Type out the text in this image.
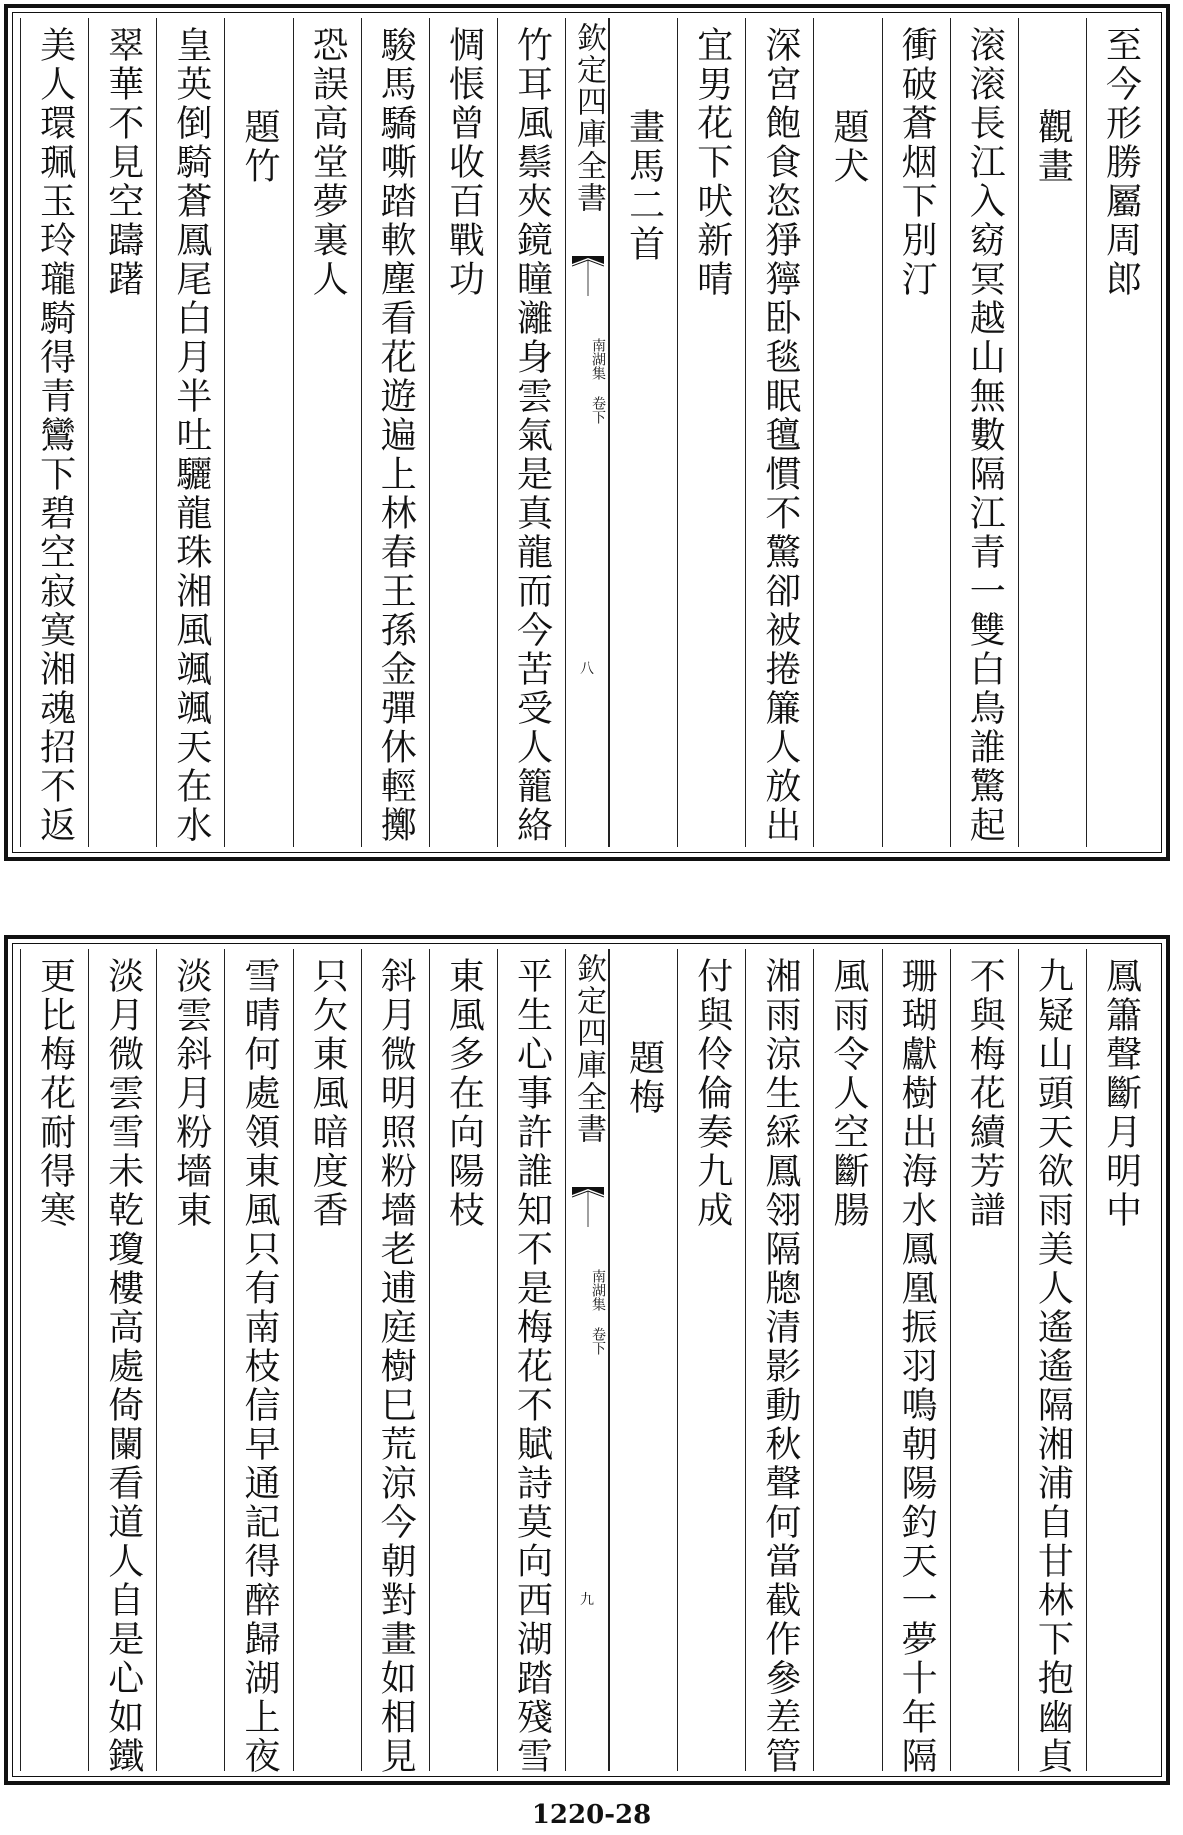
至今形勝屬周郎
觀畫
滚滚長江入窈冥越山無數隔江青一雙白鳥誰驚起
衝破蒼烟下別汀
題犬
深宮飽食恣猙獰卧毯眠氊慣不驚卻被捲簾人放出
宜男花下吠新晴
畫馬二首
竹耳風鬃夾鏡瞳灕身雲氣是真龍而今苦受人籠絡
惆悵曾收百戰功
駿馬驕嘶踏軟塵看花遊遍上林春王孫金彈休輕擲
恐誤高堂夢裏人
題竹
皇英倒騎蒼鳳尾白月半吐驪龍珠湘風颯颯天在水
翠華不見空躊躇
美人環珮玉玲瓏騎得青鸞下碧空寂寞湘魂招不返	欽定四庫全書
南湖集 卷下
八
鳳簫聲斷月明中
九疑山頭天欲雨美人遙遙隔湘浦自甘林下抱幽貞
不與梅花續芳譜
珊瑚獻樹出海水鳳凰振羽鳴朝陽釣天一夢十年隔
風雨令人空斷腸
湘雨涼生綵鳳翎隔牕清影動秋聲何當截作參差管
付與伶倫奏九成
題梅
平生心事許誰知不是梅花不賦詩莫向西湖踏殘雪
東風多在向陽枝
斜月微明照粉墻老逋庭樹巳荒涼今朝對畫如相見
只欠東風暗度香
雪晴何處領東風只有南枝信早通記得醉歸湖上夜
淡雲斜月粉墻東
淡月微雲雪未乾瓊樓高處倚闌看道人自是心如鐵
更比梅花耐得寒	欽定四庫全書
南湖集 卷下
九
1220-28
